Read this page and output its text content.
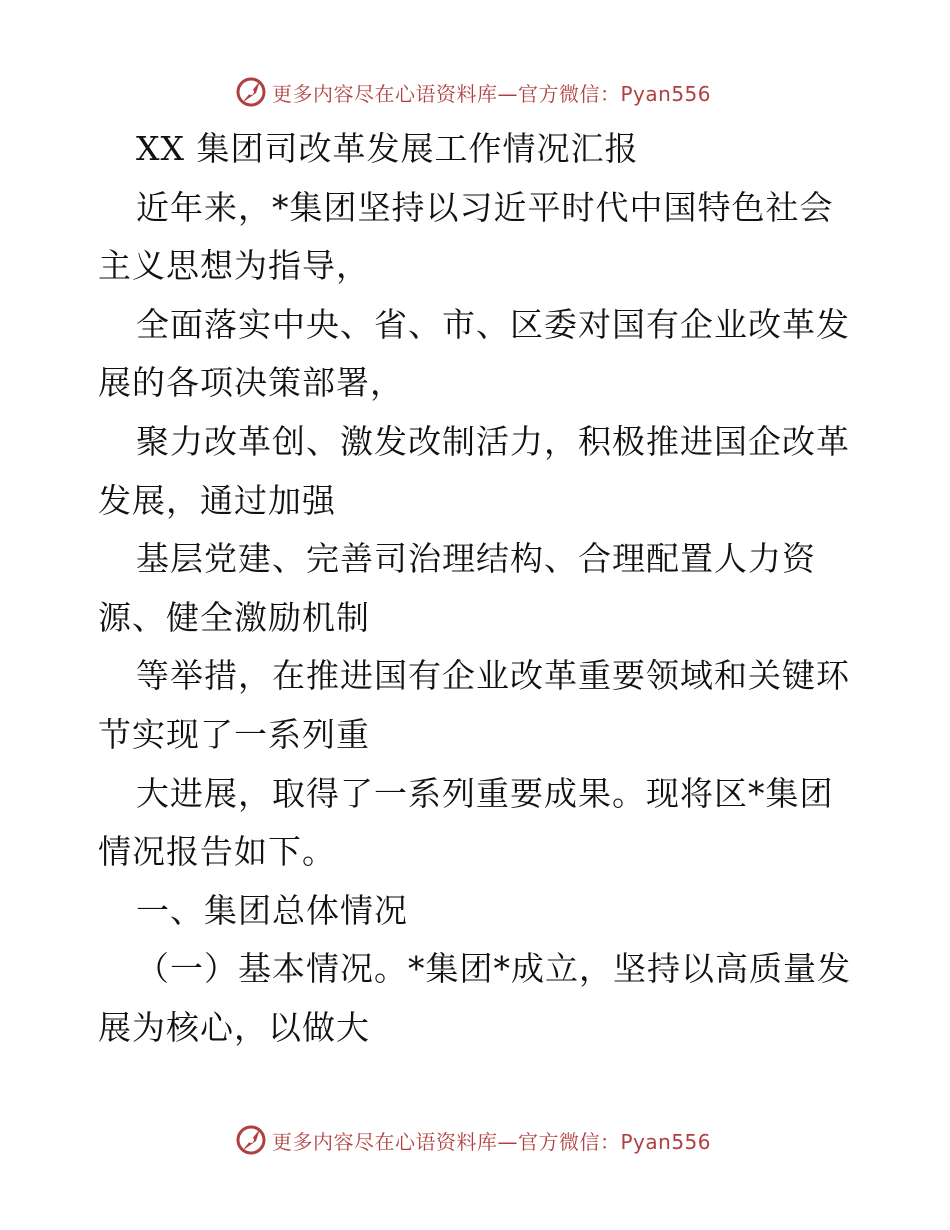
更多内容尽在心语资料库—官方微信：Pyan556
XX 集团司改革发展工作情况汇报
近年来，*集团坚持以习近平时代中国特色社会
主义思想为指导，
全面落实中央、省、市、区委对国有企业改革发
展的各项决策部署，
聚力改革创、激发改制活力，积极推进国企改革
发展，通过加强
基层党建、完善司治理结构、合理配置人力资
源、健全激励机制
等举措，在推进国有企业改革重要领域和关键环
节实现了一系列重
大进展，取得了一系列重要成果。现将区*集团
情况报告如下。
一、集团总体情况
（一）基本情况。*集团*成立，坚持以高质量发
展为核心，以做大
更多内容尽在心语资料库—官方微信：Pyan556
